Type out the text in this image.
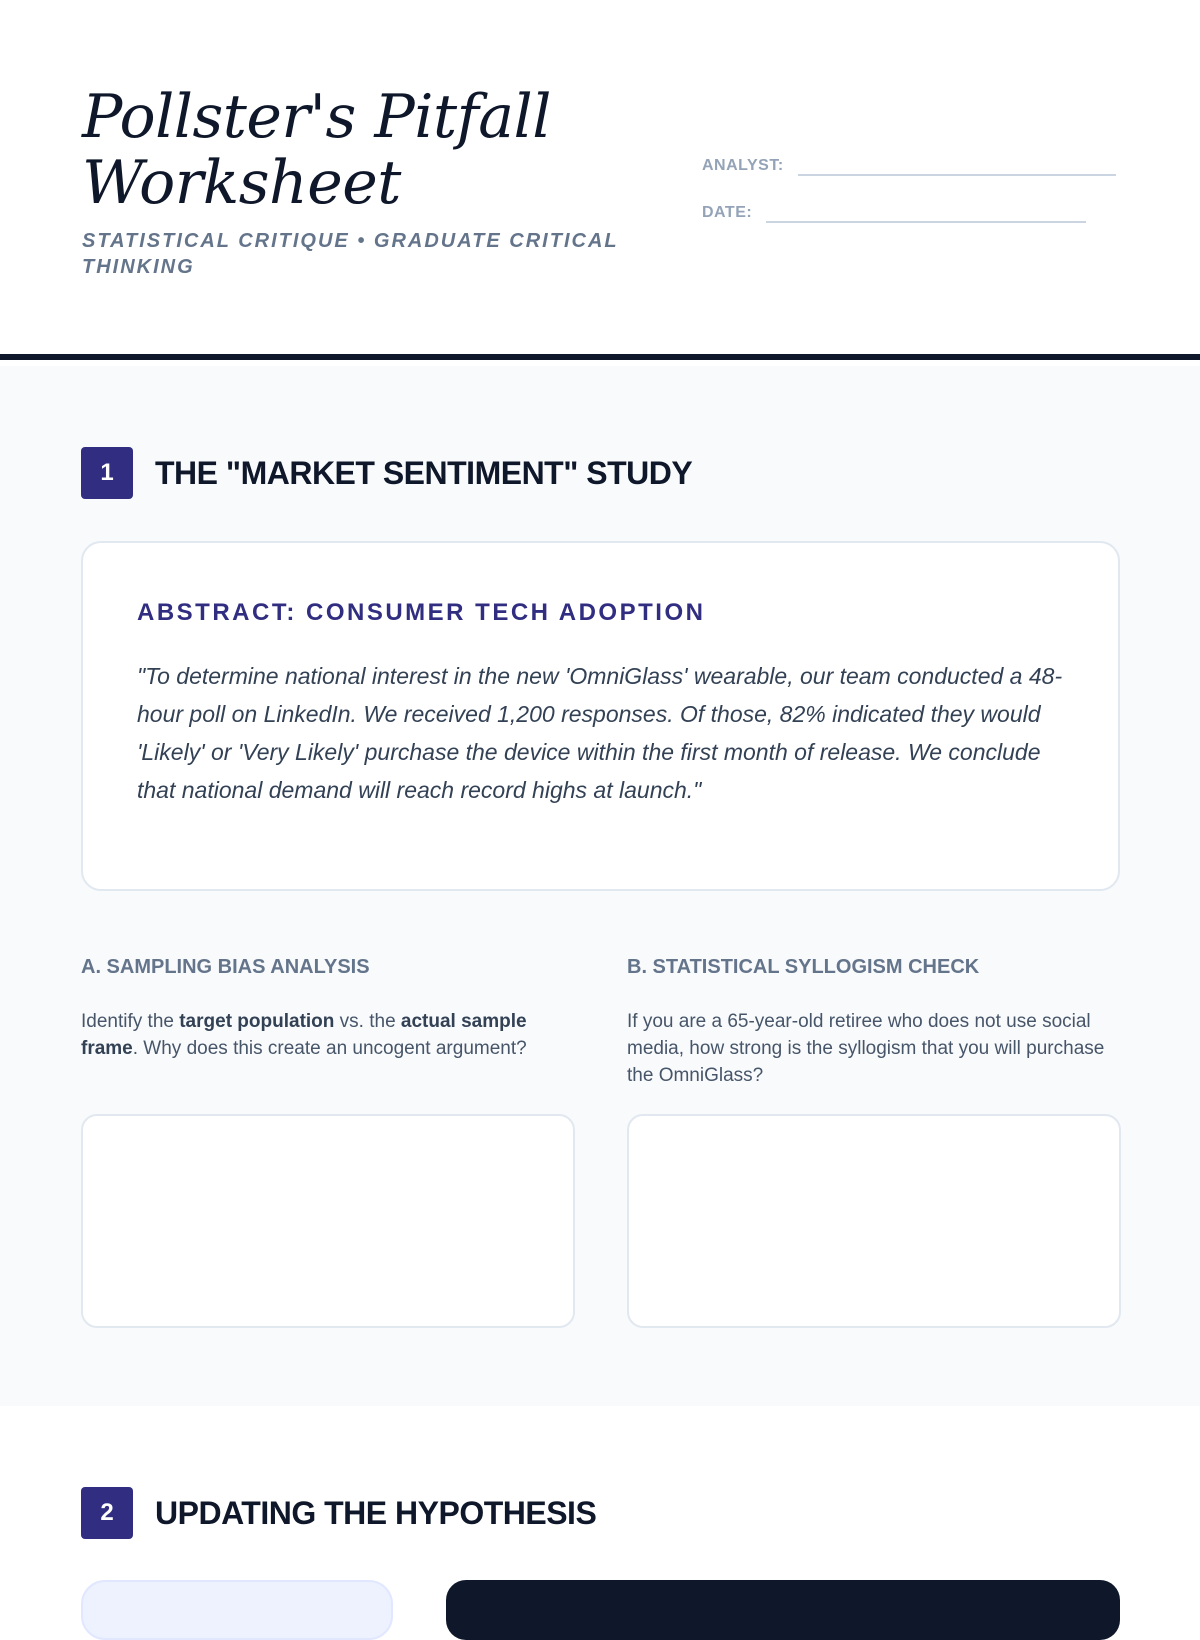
Pollster's Pitfall Worksheet
STATISTICAL CRITIQUE • GRADUATE CRITICAL THINKING
ANALYST:
DATE:
1	THE "MARKET SENTIMENT" STUDY
ABSTRACT: CONSUMER TECH ADOPTION
"To determine national interest in the new 'OmniGlass' wearable, our team conducted a 48-hour poll on LinkedIn. We received 1,200 responses. Of those, 82% indicated they would 'Likely' or 'Very Likely' purchase the device within the first month of release. We conclude that national demand will reach record highs at launch."
A. SAMPLING BIAS ANALYSIS
Identify the target population vs. the actual sample frame. Why does this create an uncogent argument?
B. STATISTICAL SYLLOGISM CHECK
If you are a 65-year-old retiree who does not use social media, how strong is the syllogism that you will purchase the OmniGlass?
2	UPDATING THE HYPOTHESIS
